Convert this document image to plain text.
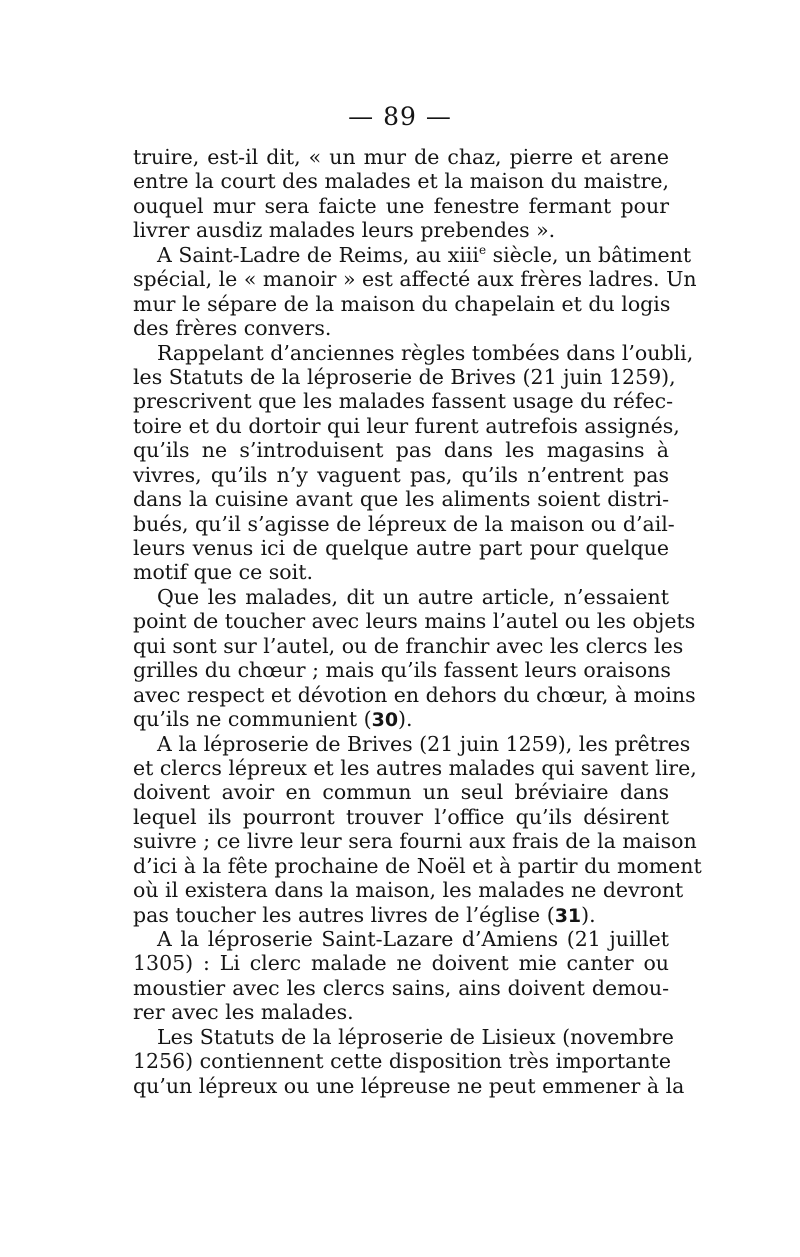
— 89 —
truire, est-il dit, « un mur de chaz, pierre et arene
entre la court des malades et la maison du maistre,
ouquel mur sera faicte une fenestre fermant pour
livrer ausdiz malades leurs prebendes ».
A Saint-Ladre de Reims, au xiii$^e$ siècle, un bâtiment
spécial, le « manoir » est affecté aux frères ladres. Un
mur le sépare de la maison du chapelain et du logis
des frères convers.
Rappelant d’anciennes règles tombées dans l’oubli,
les Statuts de la léproserie de Brives (21 juin 1259),
prescrivent que les malades fassent usage du réfec-
toire et du dortoir qui leur furent autrefois assignés,
qu’ils ne s’introduisent pas dans les magasins à
vivres, qu’ils n’y vaguent pas, qu’ils n’entrent pas
dans la cuisine avant que les aliments soient distri-
bués, qu’il s’agisse de lépreux de la maison ou d’ail-
leurs venus ici de quelque autre part pour quelque
motif que ce soit.
Que les malades, dit un autre article, n’essaient
point de toucher avec leurs mains l’autel ou les objets
qui sont sur l’autel, ou de franchir avec les clercs les
grilles du chœur ; mais qu’ils fassent leurs oraisons
avec respect et dévotion en dehors du chœur, à moins
qu’ils ne communient (30).
A la léproserie de Brives (21 juin 1259), les prêtres
et clercs lépreux et les autres malades qui savent lire,
doivent avoir en commun un seul bréviaire dans
lequel ils pourront trouver l’office qu’ils désirent
suivre ; ce livre leur sera fourni aux frais de la maison
d’ici à la fête prochaine de Noël et à partir du moment
où il existera dans la maison, les malades ne devront
pas toucher les autres livres de l’église (31).
A la léproserie Saint-Lazare d’Amiens (21 juillet
1305) : Li clerc malade ne doivent mie canter ou
moustier avec les clercs sains, ains doivent demou-
rer avec les malades.
Les Statuts de la léproserie de Lisieux (novembre
1256) contiennent cette disposition très importante
qu’un lépreux ou une lépreuse ne peut emmener à la
